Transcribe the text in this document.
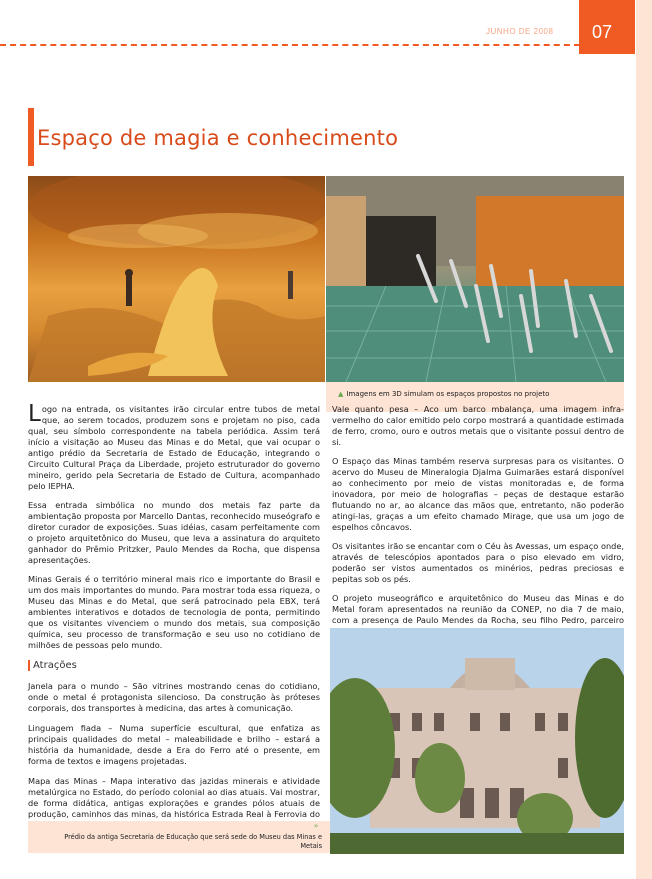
JUNHO DE 2008 07
Espaço de magia e conhecimento
▲ Imagens em 3D simulam os espaços propostos no projeto

Logo na entrada, os visitantes irão circular entre tubos de metal que, ao serem tocados, produzem sons e projetam no piso, cada qual, seu símbolo correspondente na tabela periódica. Assim terá início a visitação ao Museu das Minas e do Metal, que vai ocupar o antigo prédio da Secretaria de Estado de Educação, integrando o Circuito Cultural Praça da Liberdade, projeto estruturador do governo mineiro, gerido pela Secretaria de Estado de Cultura, acompanhado pelo IEPHA.

Essa entrada simbólica no mundo dos metais faz parte da ambientação proposta por Marcello Dantas, reconhecido museógrafo e diretor curador de exposições. Suas idéias, casam perfeitamente com o projeto arquitetônico do Museu, que leva a assinatura do arquiteto ganhador do Prêmio Pritzker, Paulo Mendes da Rocha, que dispensa apresentações.

Minas Gerais é o território mineral mais rico e importante do Brasil e um dos mais importantes do mundo. Para mostrar toda essa riqueza, o Museu das Minas e do Metal, que será patrocinado pela EBX, terá ambientes interativos e dotados de tecnologia de ponta, permitindo que os visitantes vivenciem o mundo dos metais, sua composição química, seu processo de transformação e seu uso no cotidiano de milhões de pessoas pelo mundo.

Vale quanto pesa – Aco um barco mbalança, uma imagem infra-vermelho do calor emitido pelo corpo mostrará a quantidade estimada de ferro, cromo, ouro e outros metais que o visitante possui dentro de si.

O Espaço das Minas também reserva surpresas para os visitantes. O acervo do Museu de Mineralogia Djalma Guimarães estará disponível ao conhecimento por meio de vistas monitoradas e, de forma inovadora, por meio de holografias – peças de destaque estarão flutuando no ar, ao alcance das mãos que, entretanto, não poderão atingi-las, graças a um efeito chamado Mirage, que usa um jogo de espelhos côncavos.

Os visitantes irão se encantar com o Céu às Avessas, um espaço onde, através de telescópios apontados para o piso elevado em vidro, poderão ser vistos aumentados os minérios, pedras preciosas e pepitas sob os pés.

O projeto museográfico e arquitetônico do Museu das Minas e do Metal foram apresentados na reunião da CONEP, no dia 7 de maio, com a presença de Paulo Mendes da Rocha, seu filho Pedro, parceiro

Atrações

Janela para o mundo – São vitrines mostrando cenas do cotidiano, onde o metal é protagonista silencioso. Da construção às próteses corporais, dos transportes à medicina, das artes à comunicação.

Linguagem fiada – Numa superfície escultural, que enfatiza as principais qualidades do metal – maleabilidade e brilho – estará a história da humanidade, desde a Era do Ferro até o presente, em forma de textos e imagens projetadas.

Mapa das Minas – Mapa interativo das jazidas minerais e atividade metalúrgica no Estado, do período colonial ao dias atuais. Vai mostrar, de forma didática, antigas explorações e grandes pólos atuais de produção, caminhos das minas, da histórica Estrada Real à Ferrovia do

»
Prédio da antiga Secretaria de Educação que será sede do Museu das Minas e Metais
